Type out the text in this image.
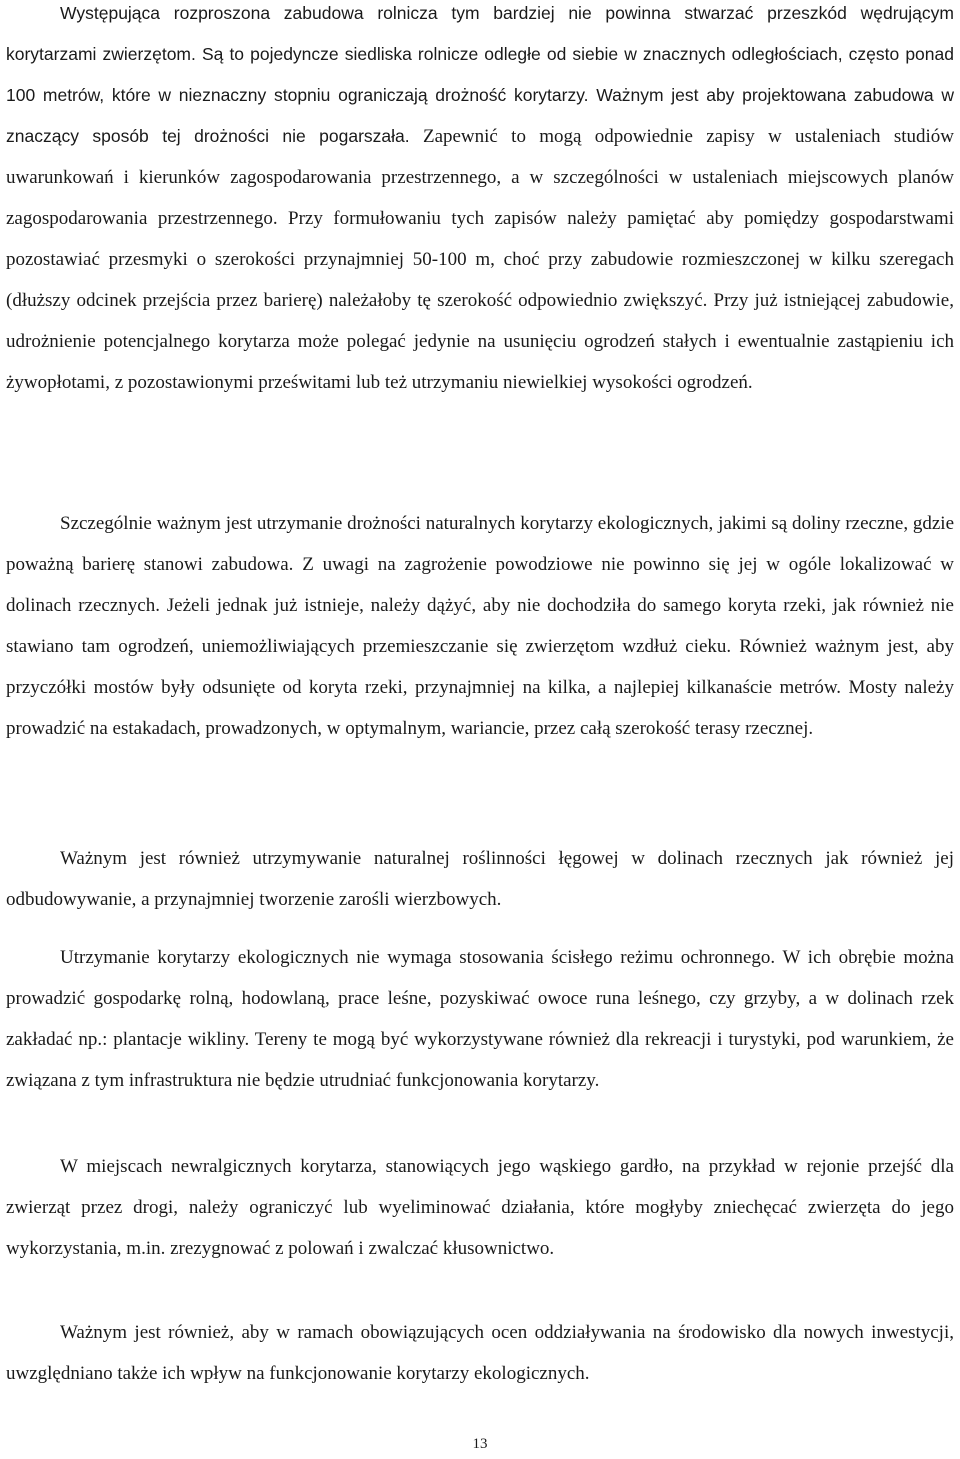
Występująca rozproszona zabudowa rolnicza tym bardziej nie powinna stwarzać przeszkód wędrującym korytarzami zwierzętom. Są to pojedyncze siedliska rolnicze odległe od siebie w znacznych odległościach, często ponad 100 metrów, które w nieznaczny stopniu ograniczają drożność korytarzy. Ważnym jest aby projektowana zabudowa w znaczący sposób tej drożności nie pogarszała. Zapewnić to mogą odpowiednie zapisy w ustaleniach studiów uwarunkowań i kierunków zagospodarowania przestrzennego, a w szczególności w ustaleniach miejscowych planów zagospodarowania przestrzennego. Przy formułowaniu tych zapisów należy pamiętać aby pomiędzy gospodarstwami pozostawiać przesmyki o szerokości przynajmniej 50-100 m, choć przy zabudowie rozmieszczonej w kilku szeregach (dłuższy odcinek przejścia przez barierę) należałoby tę szerokość odpowiednio zwiększyć. Przy już istniejącej zabudowie, udrożnienie potencjalnego korytarza może polegać jedynie na usunięciu ogrodzeń stałych i ewentualnie zastąpieniu ich żywopłotami, z pozostawionymi prześwitami lub też utrzymaniu niewielkiej wysokości ogrodzeń.

Szczególnie ważnym jest utrzymanie drożności naturalnych korytarzy ekologicznych, jakimi są doliny rzeczne, gdzie poważną barierę stanowi zabudowa. Z uwagi na zagrożenie powodziowe nie powinno się jej w ogóle lokalizować w dolinach rzecznych. Jeżeli jednak już istnieje, należy dążyć, aby nie dochodziła do samego koryta rzeki, jak również nie stawiano tam ogrodzeń, uniemożliwiających przemieszczanie się zwierzętom wzdłuż cieku. Również ważnym jest, aby przyczółki mostów były odsunięte od koryta rzeki, przynajmniej na kilka, a najlepiej kilkanaście metrów. Mosty należy prowadzić na estakadach, prowadzonych, w optymalnym, wariancie, przez całą szerokość terasy rzecznej.

Ważnym jest również utrzymywanie naturalnej roślinności łęgowej w dolinach rzecznych jak również jej odbudowywanie, a przynajmniej tworzenie zarośli wierzbowych.

Utrzymanie korytarzy ekologicznych nie wymaga stosowania ścisłego reżimu ochronnego. W ich obrębie można prowadzić gospodarkę rolną, hodowlaną, prace leśne, pozyskiwać owoce runa leśnego, czy grzyby, a w dolinach rzek zakładać np.: plantacje wikliny. Tereny te mogą być wykorzystywane również dla rekreacji i turystyki, pod warunkiem, że związana z tym infrastruktura nie będzie utrudniać funkcjonowania korytarzy.

W miejscach newralgicznych korytarza, stanowiących jego wąskiego gardło, na przykład w rejonie przejść dla zwierząt przez drogi, należy ograniczyć lub wyeliminować działania, które mogłyby zniechęcać zwierzęta do jego wykorzystania, m.in. zrezygnować z polowań i zwalczać kłusownictwo.

Ważnym jest również, aby w ramach obowiązujących ocen oddziaływania na środowisko dla nowych inwestycji, uwzględniano także ich wpływ na funkcjonowanie korytarzy ekologicznych.

13
